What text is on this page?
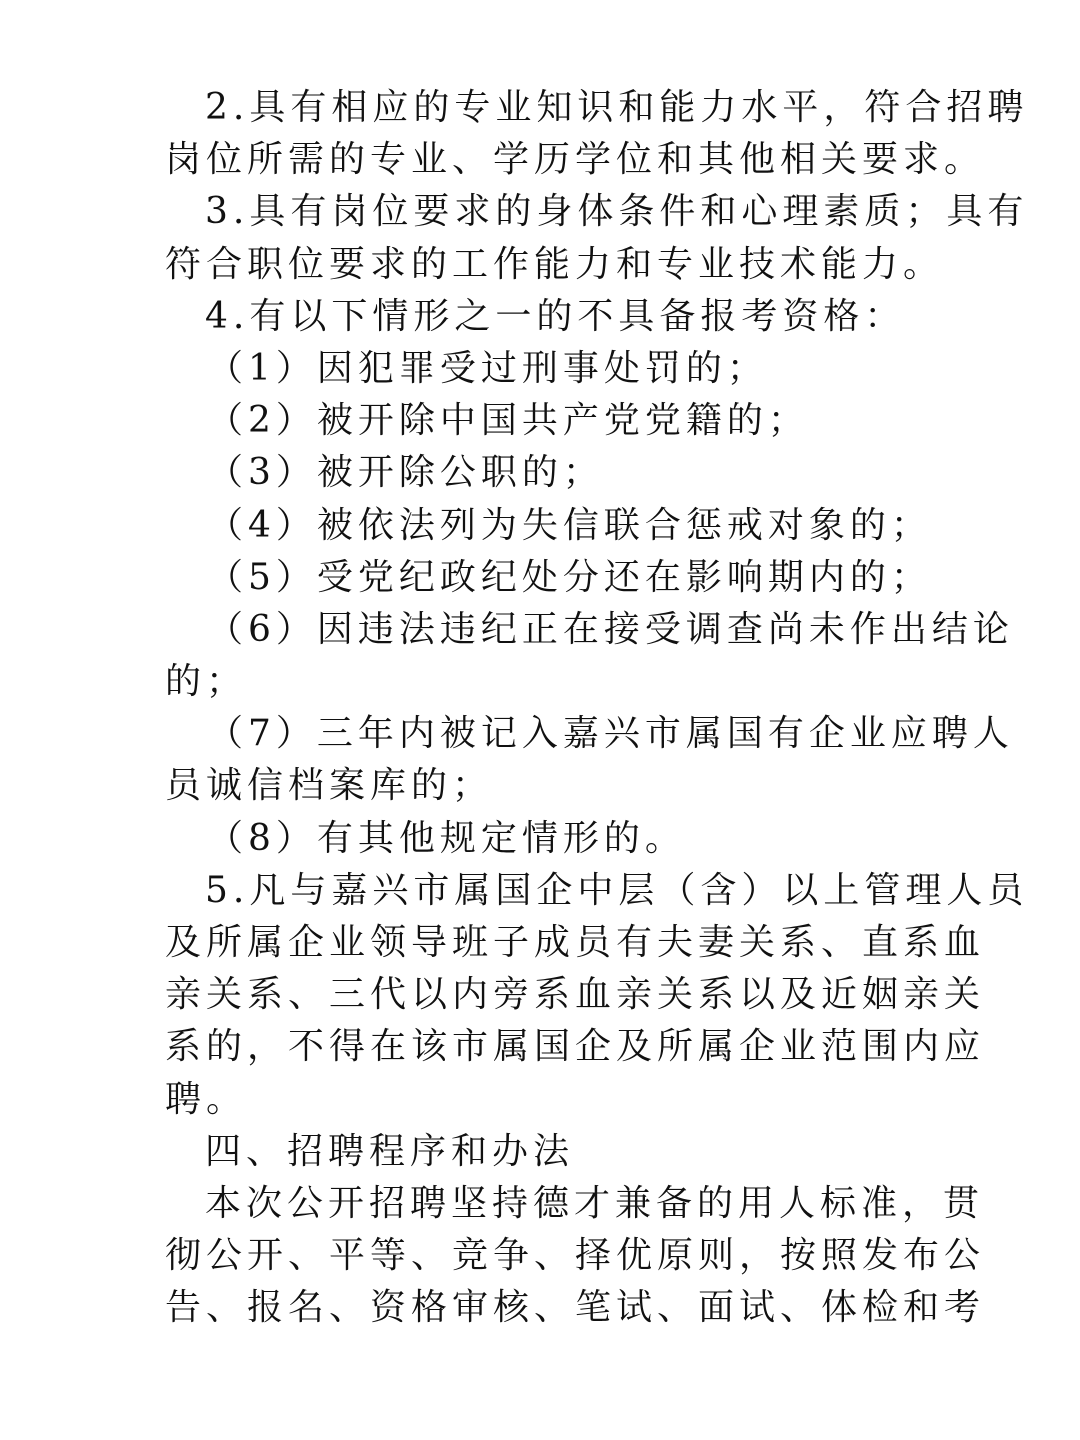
2.具有相应的专业知识和能力水平，符合招聘
岗位所需的专业、学历学位和其他相关要求。
3.具有岗位要求的身体条件和心理素质；具有
符合职位要求的工作能力和专业技术能力。
4.有以下情形之一的不具备报考资格：
（1）因犯罪受过刑事处罚的；
（2）被开除中国共产党党籍的；
（3）被开除公职的；
（4）被依法列为失信联合惩戒对象的；
（5）受党纪政纪处分还在影响期内的；
（6）因违法违纪正在接受调查尚未作出结论
的；
（7）三年内被记入嘉兴市属国有企业应聘人
员诚信档案库的；
（8）有其他规定情形的。
5.凡与嘉兴市属国企中层（含）以上管理人员
及所属企业领导班子成员有夫妻关系、直系血
亲关系、三代以内旁系血亲关系以及近姻亲关
系的，不得在该市属国企及所属企业范围内应
聘。
四、招聘程序和办法
本次公开招聘坚持德才兼备的用人标准，贯
彻公开、平等、竞争、择优原则，按照发布公
告、报名、资格审核、笔试、面试、体检和考
